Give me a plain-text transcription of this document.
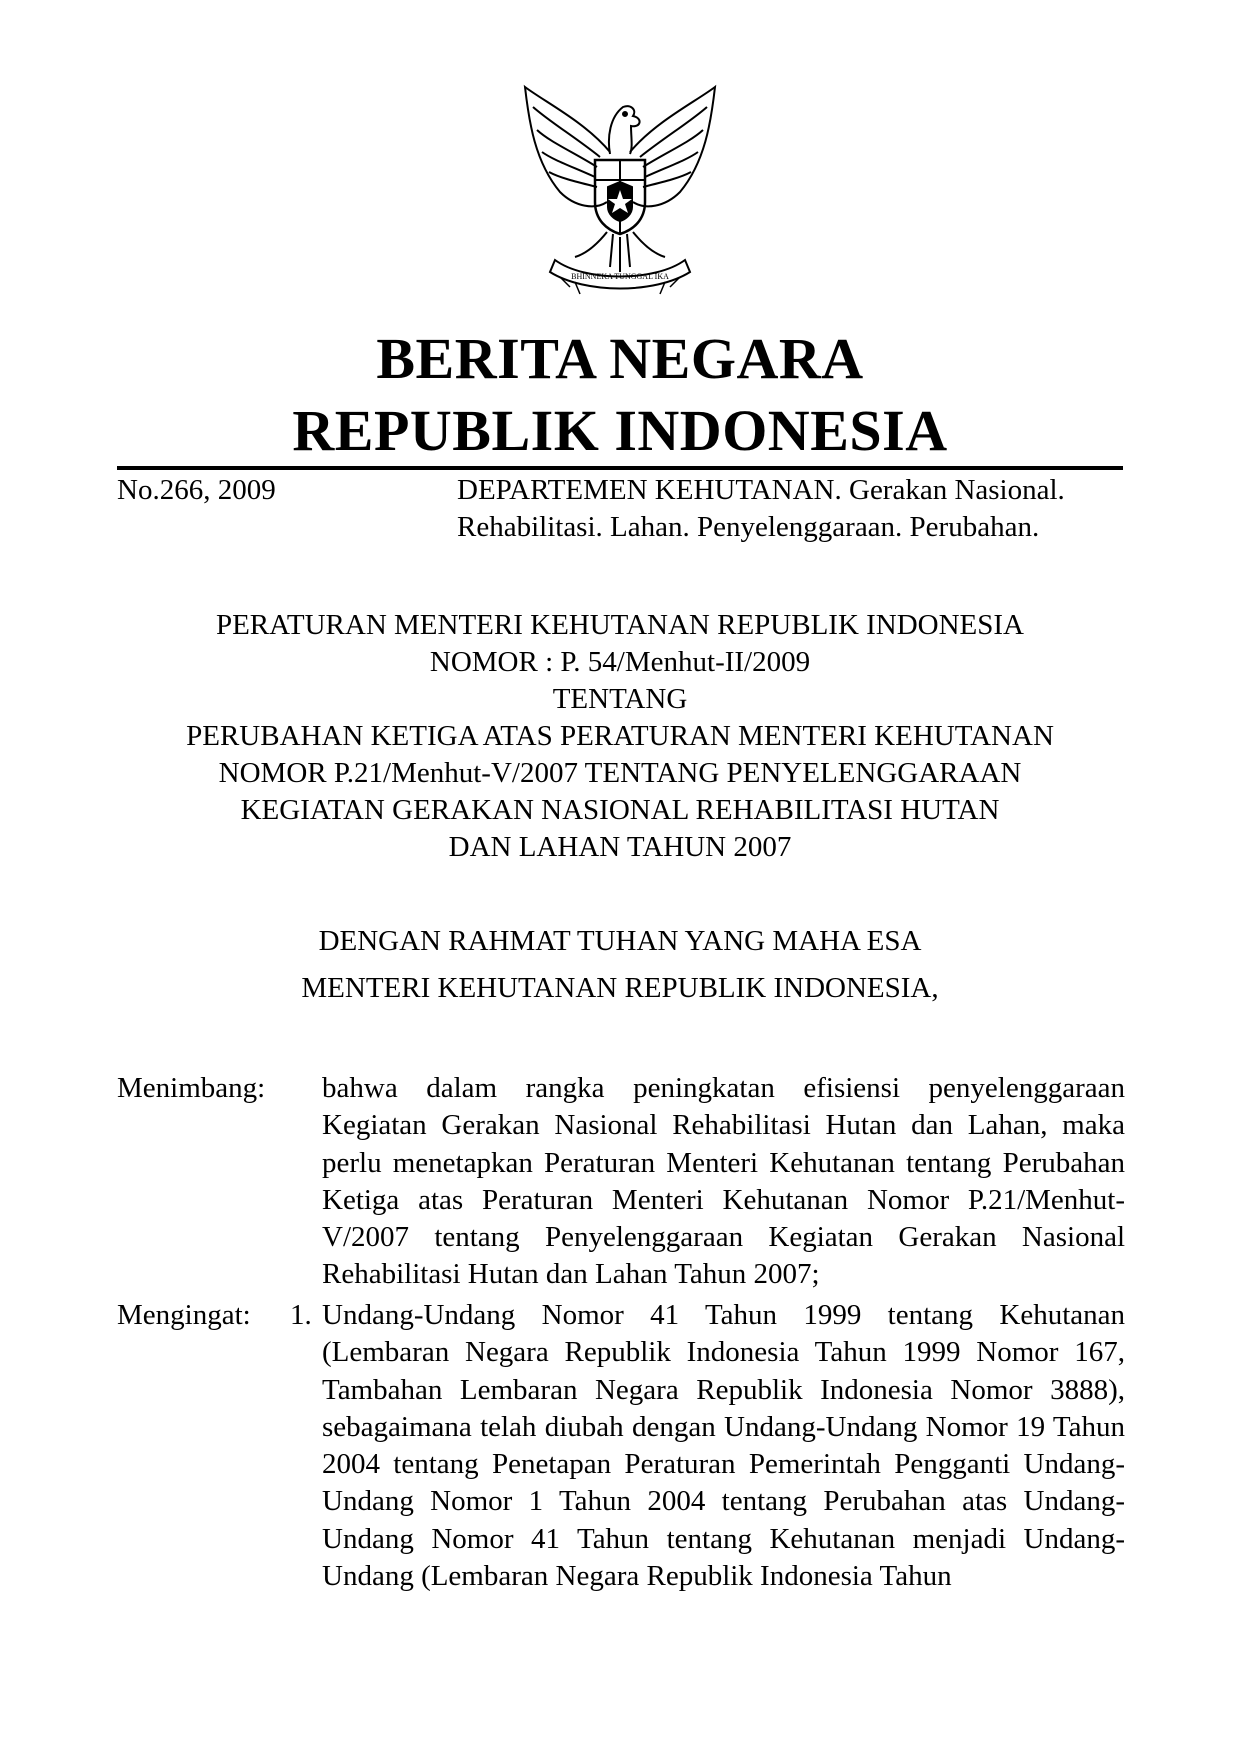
BHINNEKA TUNGGAL IKA
BERITA NEGARA
REPUBLIK INDONESIA
No.266, 2009	DEPARTEMEN KEHUTANAN. Gerakan Nasional.
Rehabilitasi. Lahan. Penyelenggaraan. Perubahan.
PERATURAN MENTERI KEHUTANAN REPUBLIK INDONESIA
NOMOR : P. 54/Menhut-II/2009
TENTANG
PERUBAHAN KETIGA ATAS PERATURAN MENTERI KEHUTANAN
NOMOR P.21/Menhut-V/2007 TENTANG PENYELENGGARAAN
KEGIATAN GERAKAN NASIONAL REHABILITASI HUTAN
DAN LAHAN TAHUN 2007
DENGAN RAHMAT TUHAN YANG MAHA ESA
MENTERI KEHUTANAN REPUBLIK INDONESIA,
Menimbang: bahwa dalam rangka peningkatan efisiensi penyelenggaraan Kegiatan Gerakan Nasional Rehabilitasi Hutan dan Lahan, maka perlu menetapkan Peraturan Menteri Kehutanan tentang Perubahan Ketiga atas Peraturan Menteri Kehutanan Nomor P.21/Menhut-V/2007 tentang Penyelenggaraan Kegiatan Gerakan Nasional Rehabilitasi Hutan dan Lahan Tahun 2007;
Mengingat: 1. Undang-Undang Nomor 41 Tahun 1999 tentang Kehutanan (Lembaran Negara Republik Indonesia Tahun 1999 Nomor 167, Tambahan Lembaran Negara Republik Indonesia Nomor 3888), sebagaimana telah diubah dengan Undang-Undang Nomor 19 Tahun 2004 tentang Penetapan Peraturan Pemerintah Pengganti Undang-Undang Nomor 1 Tahun 2004 tentang Perubahan atas Undang-Undang Nomor 41 Tahun tentang Kehutanan menjadi Undang-Undang (Lembaran Negara Republik Indonesia Tahun
